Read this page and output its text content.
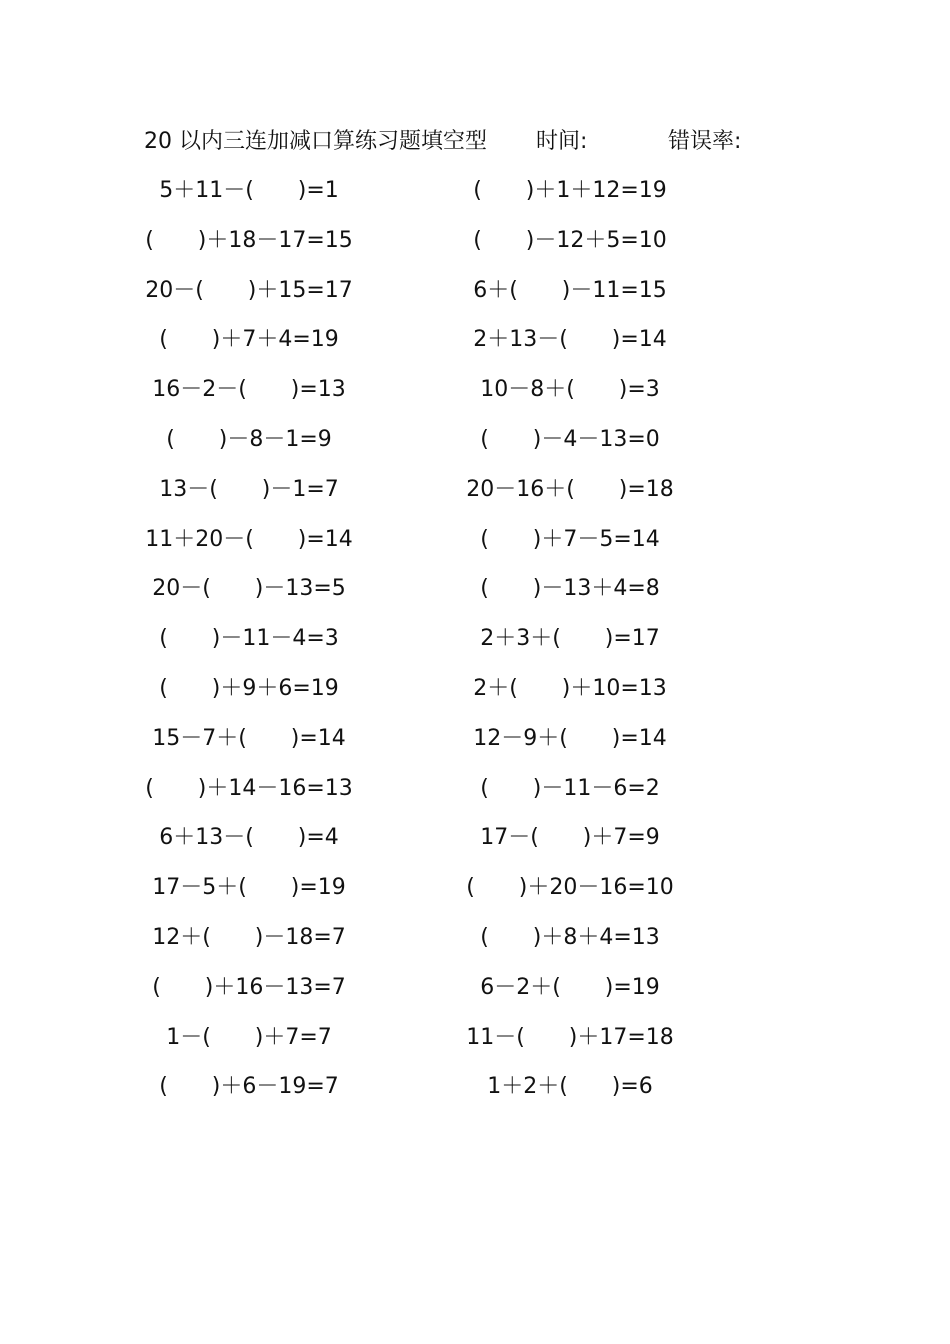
20 以内三连加减口算练习题填空型 时间:	错误率:
5＋11－(　　)=1	(　　)＋1＋12=19
(　　)＋18－17=15	(　　)－12＋5=10
20－(　　)＋15=17	6＋(　　)－11=15
(　　)＋7＋4=19	2＋13－(　　)=14
16－2－(　　)=13	10－8＋(　　)=3
(　　)－8－1=9	(　　)－4－13=0
13－(　　)－1=7	20－16＋(　　)=18
11＋20－(　　)=14	(　　)＋7－5=14
20－(　　)－13=5	(　　)－13＋4=8
(　　)－11－4=3	2＋3＋(　　)=17
(　　)＋9＋6=19	2＋(　　)＋10=13
15－7＋(　　)=14	12－9＋(　　)=14
(　　)＋14－16=13	(　　)－11－6=2
6＋13－(　　)=4	17－(　　)＋7=9
17－5＋(　　)=19	(　　)＋20－16=10
12＋(　　)－18=7	(　　)＋8＋4=13
(　　)＋16－13=7	6－2＋(　　)=19
1－(　　)＋7=7	11－(　　)＋17=18
(　　)＋6－19=7	1＋2＋(　　)=6
